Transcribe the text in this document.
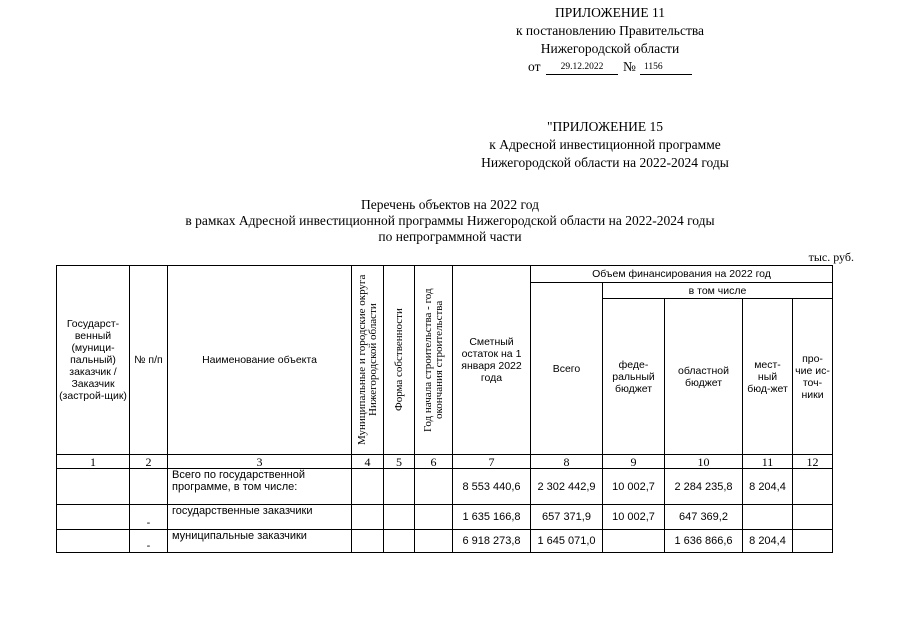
ПРИЛОЖЕНИЕ 11
к постановлению Правительства
Нижегородской области
от	29.12.2022	№ 1156
"ПРИЛОЖЕНИЕ 15
к Адресной инвестиционной программе
Нижегородской области на 2022-2024 годы
Перечень объектов на 2022 год
в рамках Адресной инвестиционной программы Нижегородской области на 2022-2024 годы
по непрограммной части
тыс. руб.
Государст-венный (муници-пальный) заказчик / Заказчик (застрой-щик)	№ п/п	Наименование объекта	Муниципальные и городские округа Нижегородской области	Форма собственности	Год начала строительства - год окончания строительства	Сметный остаток на 1 января 2022 года	Объем финансирования на 2022 год				
							Всего	в том числе			
								феде-ральный бюджет	областной бюджет	мест-ный бюд-жет	про-чие ис-точ-ники
1	2	3	4	5	6	7	8	9	10	11	12
		Всего по государственной программе, в том числе:				8 553 440,6	2 302 442,9	10 002,7	2 284 235,8	8 204,4	
	-	государственные заказчики				1 635 166,8	657 371,9	10 002,7	647 369,2		
	-	муниципальные заказчики				6 918 273,8	1 645 071,0		1 636 866,6	8 204,4	
